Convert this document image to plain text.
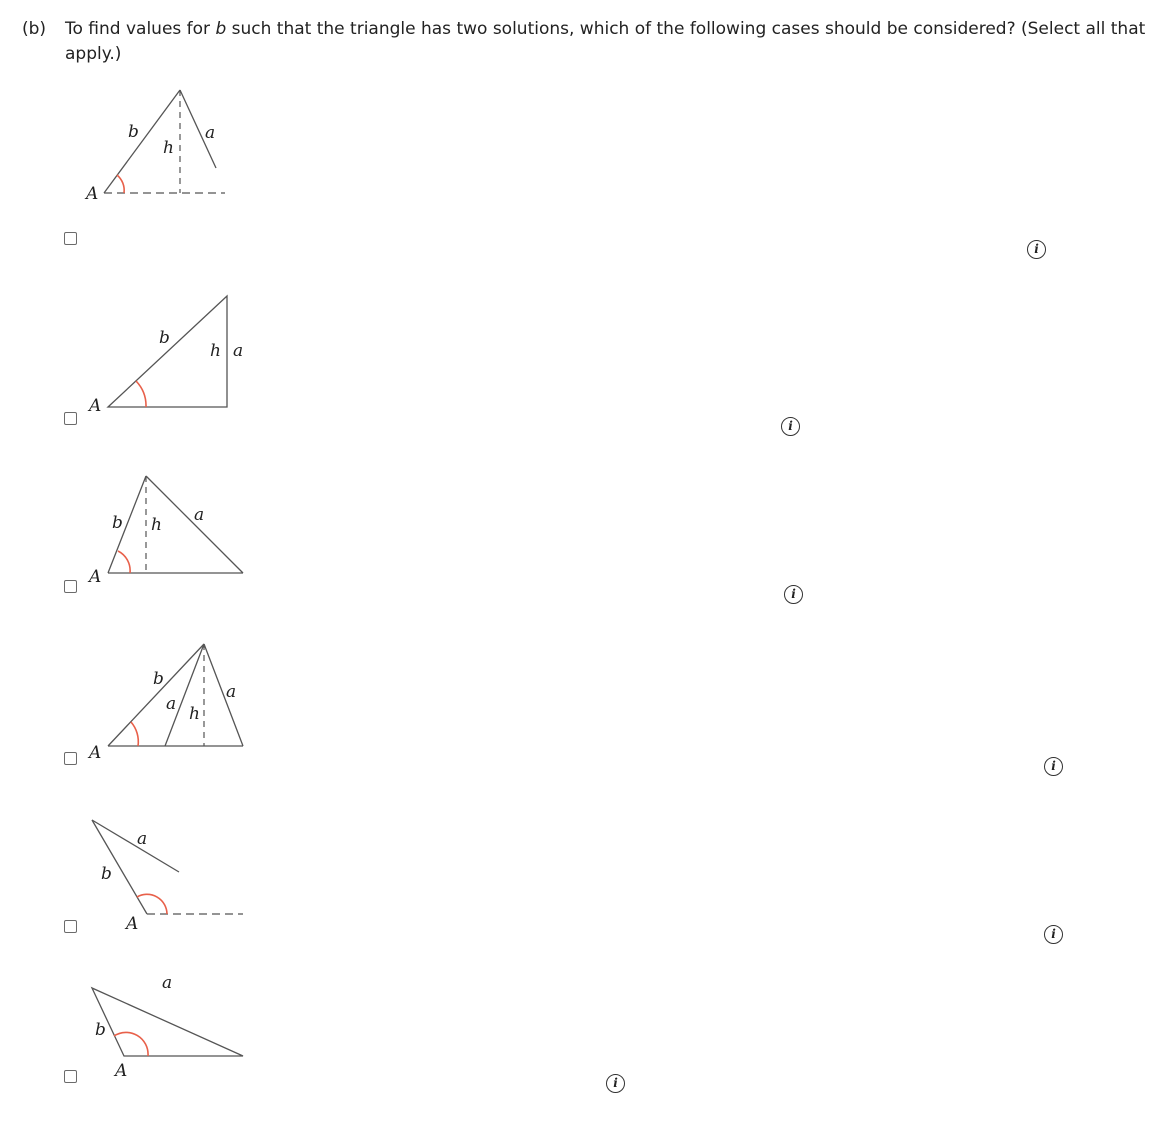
(b) To find values for b such that the triangle has two solutions, which of the following cases should be considered? (Select all that
apply.)
A
b
h
a
i
A
b
h a
i
A
b h a
i
A
b
a h
a
i
A
b
a
i
A
b
a
i
